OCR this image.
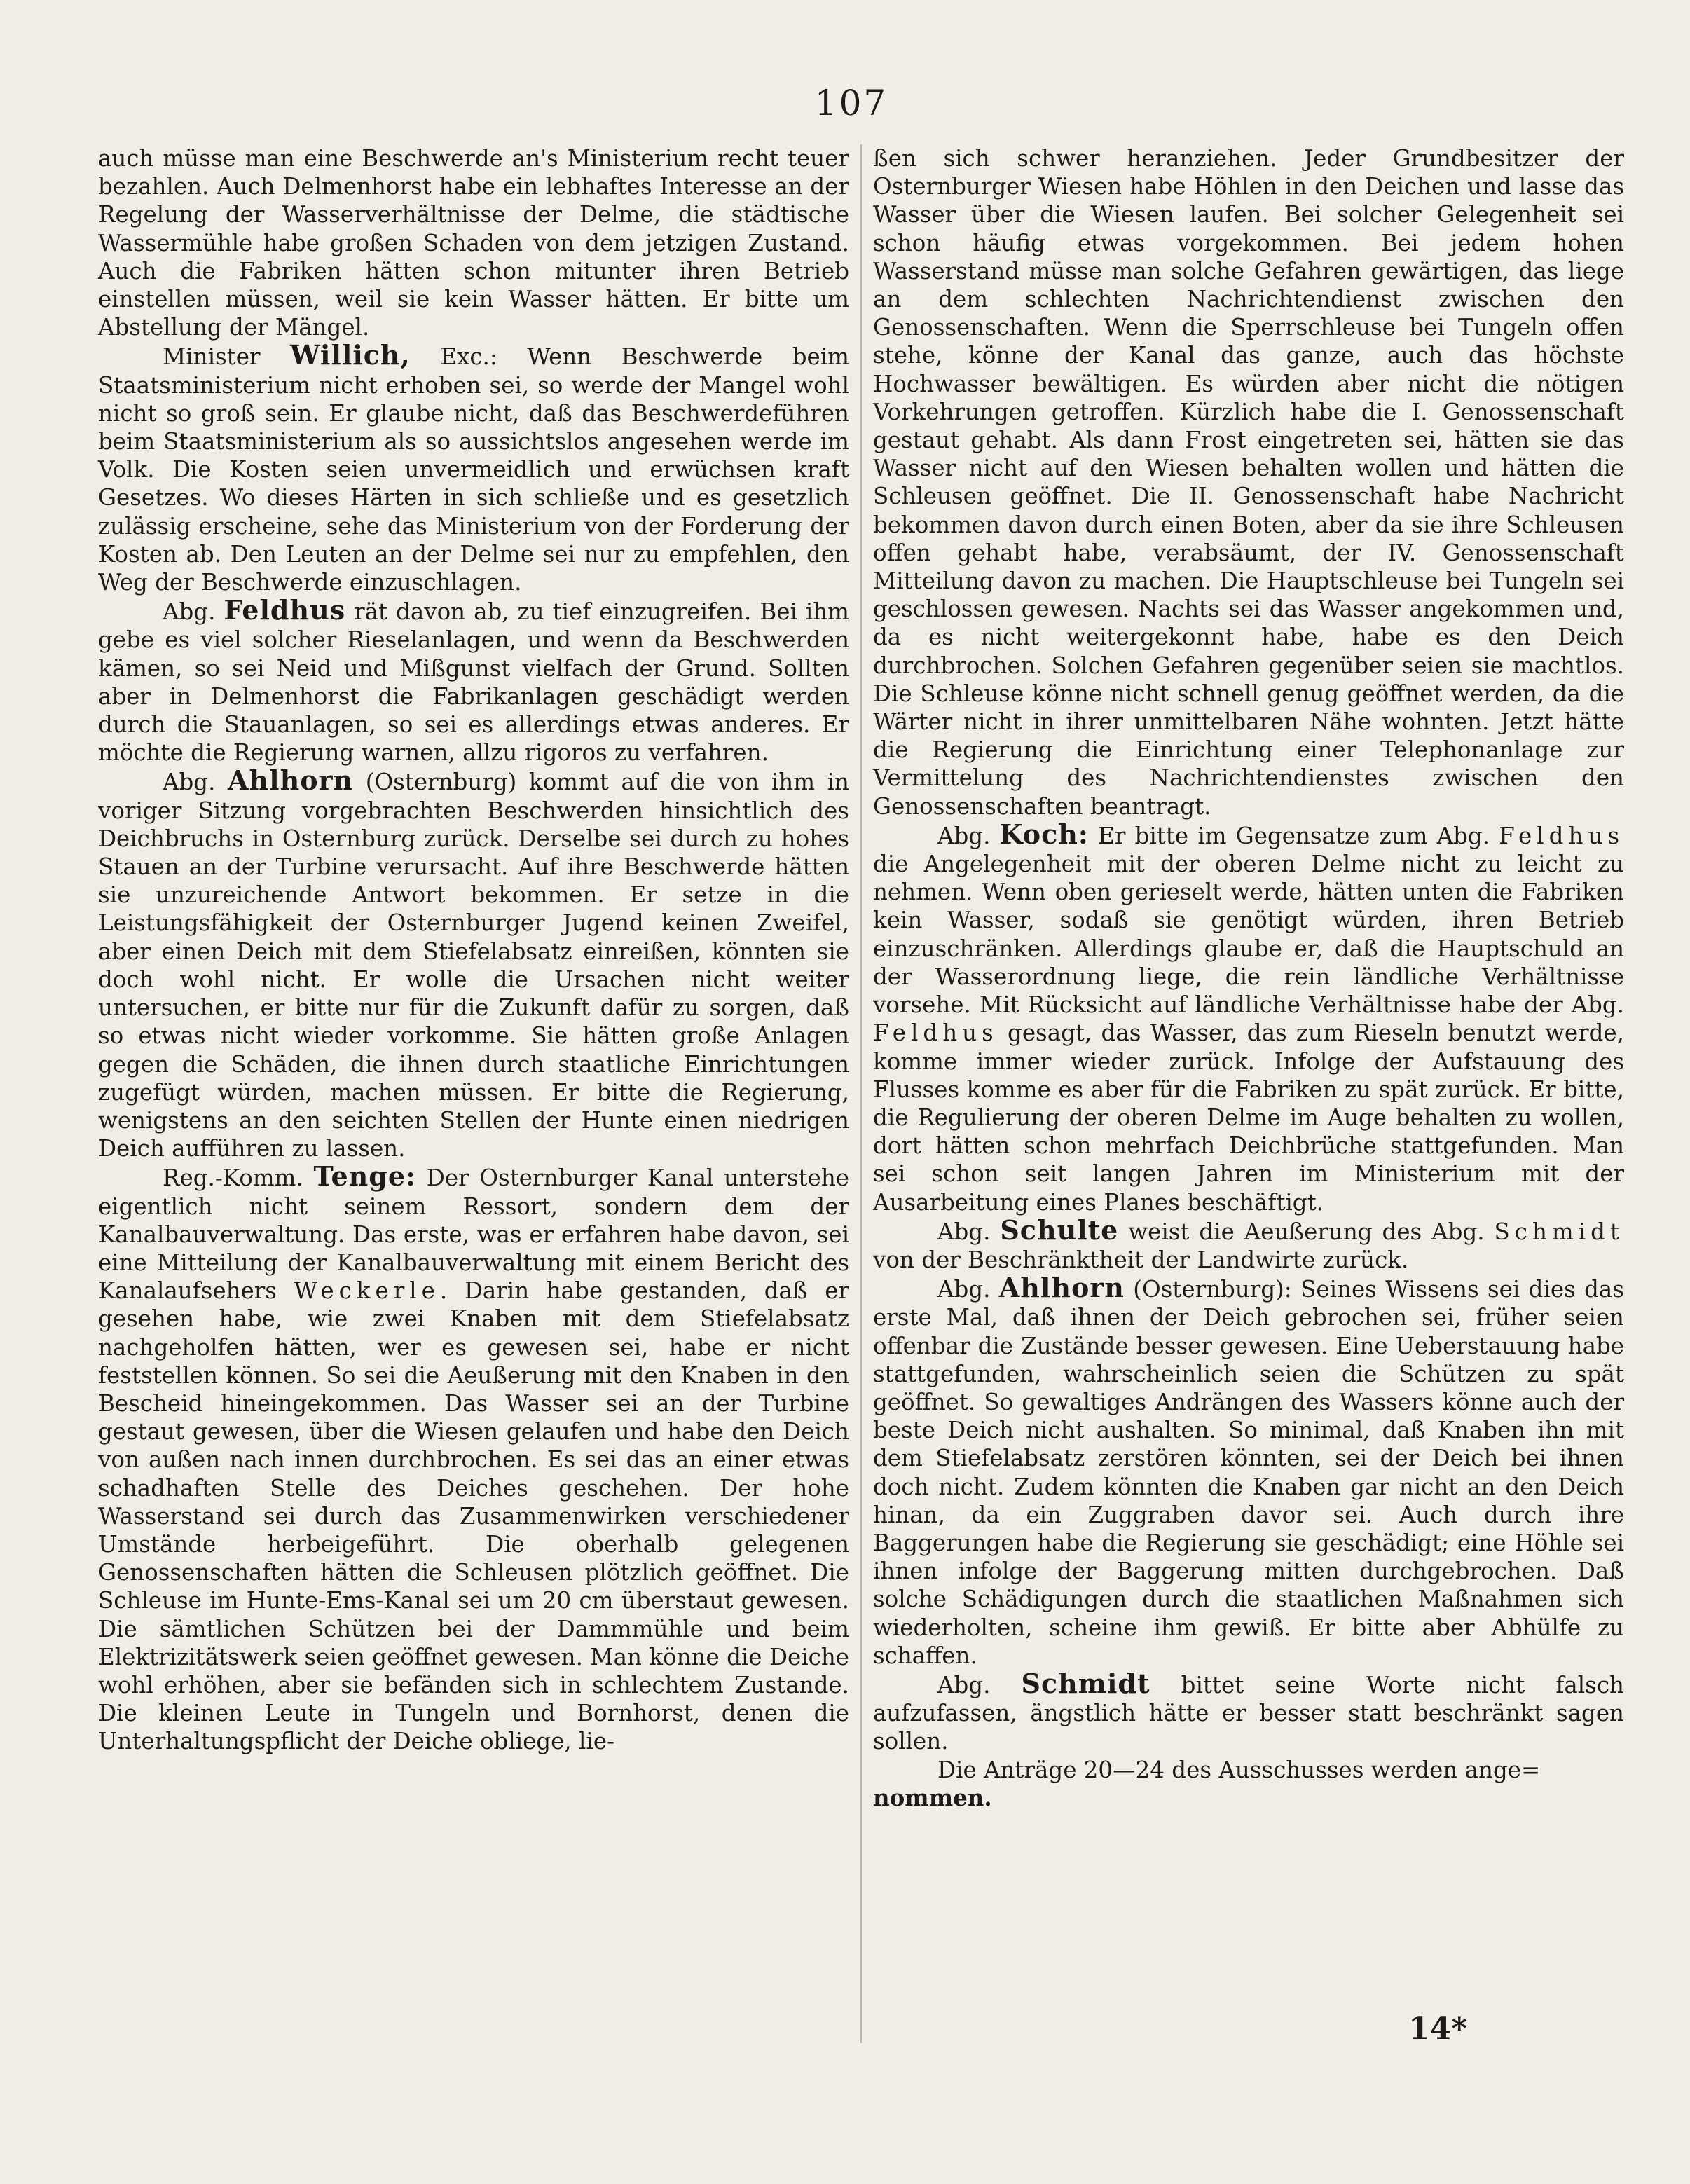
107

auch müsse man eine Beschwerde an's Ministerium recht teuer bezahlen. Auch Delmenhorst habe ein lebhaftes Interesse an der Regelung der Wasserverhältnisse der Delme, die städtische Wassermühle habe großen Schaden von dem jetzigen Zustand. Auch die Fabriken hätten schon mitunter ihren Betrieb einstellen müssen, weil sie kein Wasser hätten. Er bitte um Abstellung der Mängel.

Minister Willich, Exc.: Wenn Beschwerde beim Staatsministerium nicht erhoben sei, so werde der Mangel wohl nicht so groß sein. Er glaube nicht, daß das Beschwerdeführen beim Staatsministerium als so aussichtslos angesehen werde im Volk. Die Kosten seien unvermeidlich und erwüchsen kraft Gesetzes. Wo dieses Härten in sich schließe und es gesetzlich zulässig erscheine, sehe das Ministerium von der Forderung der Kosten ab. Den Leuten an der Delme sei nur zu empfehlen, den Weg der Beschwerde einzuschlagen.

Abg. Feldhus rät davon ab, zu tief einzugreifen. Bei ihm gebe es viel solcher Rieselanlagen, und wenn da Beschwerden kämen, so sei Neid und Mißgunst vielfach der Grund. Sollten aber in Delmenhorst die Fabrikanlagen geschädigt werden durch die Stauanlagen, so sei es allerdings etwas anderes. Er möchte die Regierung warnen, allzu rigoros zu verfahren.

Abg. Ahlhorn (Osternburg) kommt auf die von ihm in voriger Sitzung vorgebrachten Beschwerden hinsichtlich des Deichbruchs in Osternburg zurück. Derselbe sei durch zu hohes Stauen an der Turbine verursacht. Auf ihre Beschwerde hätten sie unzureichende Antwort bekommen. Er setze in die Leistungsfähigkeit der Osternburger Jugend keinen Zweifel, aber einen Deich mit dem Stiefelabsatz einreißen, könnten sie doch wohl nicht. Er wolle die Ursachen nicht weiter untersuchen, er bitte nur für die Zukunft dafür zu sorgen, daß so etwas nicht wieder vorkomme. Sie hätten große Anlagen gegen die Schäden, die ihnen durch staatliche Einrichtungen zugefügt würden, machen müssen. Er bitte die Regierung, wenigstens an den seichten Stellen der Hunte einen niedrigen Deich aufführen zu lassen.

Reg.-Komm. Tenge: Der Osternburger Kanal unterstehe eigentlich nicht seinem Ressort, sondern dem der Kanalbauverwaltung. Das erste, was er erfahren habe davon, sei eine Mitteilung der Kanalbauverwaltung mit einem Bericht des Kanalaufsehers Weckerle. Darin habe gestanden, daß er gesehen habe, wie zwei Knaben mit dem Stiefelabsatz nachgeholfen hätten, wer es gewesen sei, habe er nicht feststellen können. So sei die Aeußerung mit den Knaben in den Bescheid hineingekommen. Das Wasser sei an der Turbine gestaut gewesen, über die Wiesen gelaufen und habe den Deich von außen nach innen durchbrochen. Es sei das an einer etwas schadhaften Stelle des Deiches geschehen. Der hohe Wasserstand sei durch das Zusammenwirken verschiedener Umstände herbeigeführt. Die oberhalb gelegenen Genossenschaften hätten die Schleusen plötzlich geöffnet. Die Schleuse im Hunte-Ems-Kanal sei um 20 cm überstaut gewesen. Die sämtlichen Schützen bei der Dammmühle und beim Elektrizitätswerk seien geöffnet gewesen. Man könne die Deiche wohl erhöhen, aber sie befänden sich in schlechtem Zustande. Die kleinen Leute in Tungeln und Bornhorst, denen die Unterhaltungspflicht der Deiche obliege, lie-

ßen sich schwer heranziehen. Jeder Grundbesitzer der Osternburger Wiesen habe Höhlen in den Deichen und lasse das Wasser über die Wiesen laufen. Bei solcher Gelegenheit sei schon häufig etwas vorgekommen. Bei jedem hohen Wasserstand müsse man solche Gefahren gewärtigen, das liege an dem schlechten Nachrichtendienst zwischen den Genossenschaften. Wenn die Sperrschleuse bei Tungeln offen stehe, könne der Kanal das ganze, auch das höchste Hochwasser bewältigen. Es würden aber nicht die nötigen Vorkehrungen getroffen. Kürzlich habe die I. Genossenschaft gestaut gehabt. Als dann Frost eingetreten sei, hätten sie das Wasser nicht auf den Wiesen behalten wollen und hätten die Schleusen geöffnet. Die II. Genossenschaft habe Nachricht bekommen davon durch einen Boten, aber da sie ihre Schleusen offen gehabt habe, verabsäumt, der IV. Genossenschaft Mitteilung davon zu machen. Die Hauptschleuse bei Tungeln sei geschlossen gewesen. Nachts sei das Wasser angekommen und, da es nicht weitergekonnt habe, habe es den Deich durchbrochen. Solchen Gefahren gegenüber seien sie machtlos. Die Schleuse könne nicht schnell genug geöffnet werden, da die Wärter nicht in ihrer unmittelbaren Nähe wohnten. Jetzt hätte die Regierung die Einrichtung einer Telephonanlage zur Vermittelung des Nachrichtendienstes zwischen den Genossenschaften beantragt.

Abg. Koch: Er bitte im Gegensatze zum Abg. Feldhus die Angelegenheit mit der oberen Delme nicht zu leicht zu nehmen. Wenn oben gerieselt werde, hätten unten die Fabriken kein Wasser, sodaß sie genötigt würden, ihren Betrieb einzuschränken. Allerdings glaube er, daß die Hauptschuld an der Wasserordnung liege, die rein ländliche Verhältnisse vorsehe. Mit Rücksicht auf ländliche Verhältnisse habe der Abg. Feldhus gesagt, das Wasser, das zum Rieseln benutzt werde, komme immer wieder zurück. Infolge der Aufstauung des Flusses komme es aber für die Fabriken zu spät zurück. Er bitte, die Regulierung der oberen Delme im Auge behalten zu wollen, dort hätten schon mehrfach Deichbrüche stattgefunden. Man sei schon seit langen Jahren im Ministerium mit der Ausarbeitung eines Planes beschäftigt.

Abg. Schulte weist die Aeußerung des Abg. Schmidt von der Beschränktheit der Landwirte zurück.

Abg. Ahlhorn (Osternburg): Seines Wissens sei dies das erste Mal, daß ihnen der Deich gebrochen sei, früher seien offenbar die Zustände besser gewesen. Eine Ueberstauung habe stattgefunden, wahrscheinlich seien die Schützen zu spät geöffnet. So gewaltiges Andrängen des Wassers könne auch der beste Deich nicht aushalten. So minimal, daß Knaben ihn mit dem Stiefelabsatz zerstören könnten, sei der Deich bei ihnen doch nicht. Zudem könnten die Knaben gar nicht an den Deich hinan, da ein Zuggraben davor sei. Auch durch ihre Baggerungen habe die Regierung sie geschädigt; eine Höhle sei ihnen infolge der Baggerung mitten durchgebrochen. Daß solche Schädigungen durch die staatlichen Maßnahmen sich wiederholten, scheine ihm gewiß. Er bitte aber Abhülfe zu schaffen.

Abg. Schmidt bittet seine Worte nicht falsch aufzufassen, ängstlich hätte er besser statt beschränkt sagen sollen.

Die Anträge 20—24 des Ausschusses werden ange=
nommen.

14*
